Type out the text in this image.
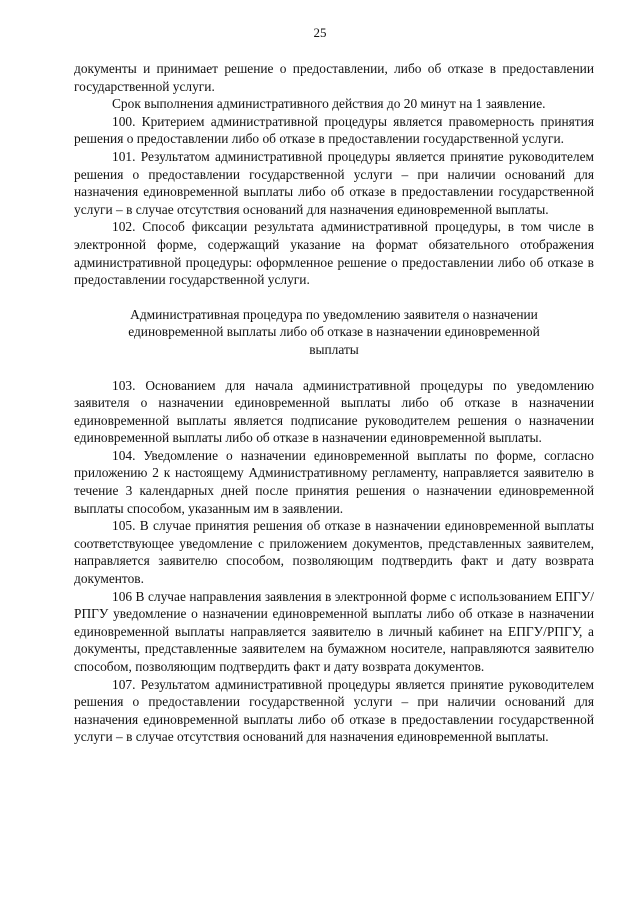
25

документы и принимает решение о предоставлении, либо об отказе в предоставлении государственной услуги.

Срок выполнения административного действия до 20 минут на 1 заявление.

100. Критерием административной процедуры является правомерность принятия решения о предоставлении либо об отказе в предоставлении государственной услуги.

101. Результатом административной процедуры является принятие руководителем решения о предоставлении государственной услуги – при наличии оснований для назначения единовременной выплаты либо об отказе в предоставлении государственной услуги – в случае отсутствия оснований для назначения единовременной выплаты.

102. Способ фиксации результата административной процедуры, в том числе в электронной форме, содержащий указание на формат обязательного отображения административной процедуры: оформленное решение о предоставлении либо об отказе в предоставлении государственной услуги.

Административная процедура по уведомлению заявителя о назначении
единовременной выплаты либо об отказе в назначении единовременной
выплаты

103. Основанием для начала административной процедуры по уведомлению заявителя о назначении единовременной выплаты либо об отказе в назначении единовременной выплаты является подписание руководителем решения о назначении единовременной выплаты либо об отказе в назначении единовременной выплаты.

104. Уведомление о назначении единовременной выплаты по форме, согласно приложению 2 к настоящему Административному регламенту, направляется заявителю в течение 3 календарных дней после принятия решения о назначении единовременной выплаты способом, указанным им в заявлении.

105. В случае принятия решения об отказе в назначении единовременной выплаты соответствующее уведомление с приложением документов, представленных заявителем, направляется заявителю способом, позволяющим подтвердить факт и дату возврата документов.

106 В случае направления заявления в электронной форме с использованием ЕПГУ/РПГУ уведомление о назначении единовременной выплаты либо об отказе в назначении единовременной выплаты направляется заявителю в личный кабинет на ЕПГУ/РПГУ, а документы, представленные заявителем на бумажном носителе, направляются заявителю способом, позволяющим подтвердить факт и дату возврата документов.

107. Результатом административной процедуры является принятие руководителем решения о предоставлении государственной услуги – при наличии оснований для назначения единовременной выплаты либо об отказе в предоставлении государственной услуги – в случае отсутствия оснований для назначения единовременной выплаты.
